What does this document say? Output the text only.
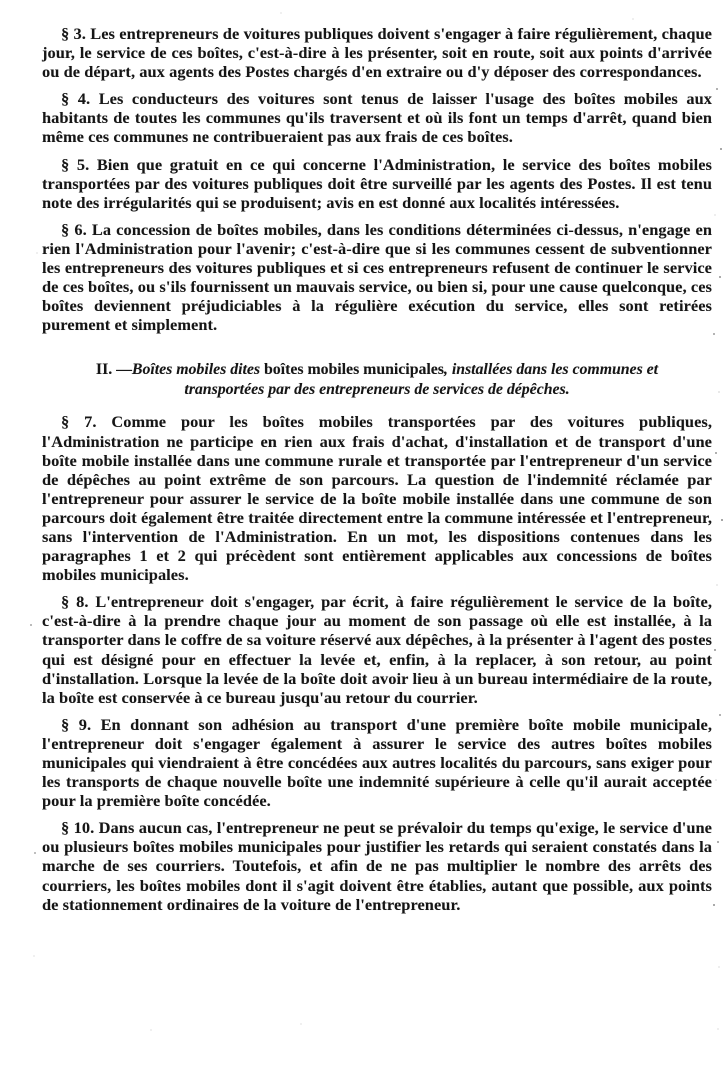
§ 3. Les entrepreneurs de voitures publiques doivent s'engager à faire régulièrement, chaque jour, le service de ces boîtes, c'est-à-dire à les présenter, soit en route, soit aux points d'arrivée ou de départ, aux agents des Postes chargés d'en extraire ou d'y déposer des correspondances.

§ 4. Les conducteurs des voitures sont tenus de laisser l'usage des boîtes mobiles aux habitants de toutes les communes qu'ils traversent et où ils font un temps d'arrêt, quand bien même ces communes ne contribueraient pas aux frais de ces boîtes.

§ 5. Bien que gratuit en ce qui concerne l'Administration, le service des boîtes mobiles transportées par des voitures publiques doit être surveillé par les agents des Postes. Il est tenu note des irrégularités qui se produisent; avis en est donné aux localités intéressées.

§ 6. La concession de boîtes mobiles, dans les conditions déterminées ci-dessus, n'engage en rien l'Administration pour l'avenir; c'est-à-dire que si les communes cessent de subventionner les entrepreneurs des voitures publiques et si ces entrepreneurs refusent de continuer le service de ces boîtes, ou s'ils fournissent un mauvais service, ou bien si, pour une cause quelconque, ces boîtes deviennent préjudiciables à la régulière exécution du service, elles sont retirées purement et simplement.

II. —Boîtes mobiles dites boîtes mobiles municipales, installées dans les communes et transportées par des entrepreneurs de services de dépêches.

§ 7. Comme pour les boîtes mobiles transportées par des voitures publiques, l'Administration ne participe en rien aux frais d'achat, d'installation et de transport d'une boîte mobile installée dans une commune rurale et transportée par l'entrepreneur d'un service de dépêches au point extrême de son parcours. La question de l'indemnité réclamée par l'entrepreneur pour assurer le service de la boîte mobile installée dans une commune de son parcours doit également être traitée directement entre la commune intéressée et l'entrepreneur, sans l'intervention de l'Administration. En un mot, les dispositions contenues dans les paragraphes 1 et 2 qui précèdent sont entièrement applicables aux concessions de boîtes mobiles municipales.

§ 8. L'entrepreneur doit s'engager, par écrit, à faire régulièrement le service de la boîte, c'est-à-dire à la prendre chaque jour au moment de son passage où elle est installée, à la transporter dans le coffre de sa voiture réservé aux dépêches, à la présenter à l'agent des postes qui est désigné pour en effectuer la levée et, enfin, à la replacer, à son retour, au point d'installation. Lorsque la levée de la boîte doit avoir lieu à un bureau intermédiaire de la route, la boîte est conservée à ce bureau jusqu'au retour du courrier.

§ 9. En donnant son adhésion au transport d'une première boîte mobile municipale, l'entrepreneur doit s'engager également à assurer le service des autres boîtes mobiles municipales qui viendraient à être concédées aux autres localités du parcours, sans exiger pour les transports de chaque nouvelle boîte une indemnité supérieure à celle qu'il aurait acceptée pour la première boîte concédée.

§ 10. Dans aucun cas, l'entrepreneur ne peut se prévaloir du temps qu'exige, le service d'une ou plusieurs boîtes mobiles municipales pour justifier les retards qui seraient constatés dans la marche de ses courriers. Toutefois, et afin de ne pas multiplier le nombre des arrêts des courriers, les boîtes mobiles dont il s'agit doivent être établies, autant que possible, aux points de stationnement ordinaires de la voiture de l'entrepreneur.
